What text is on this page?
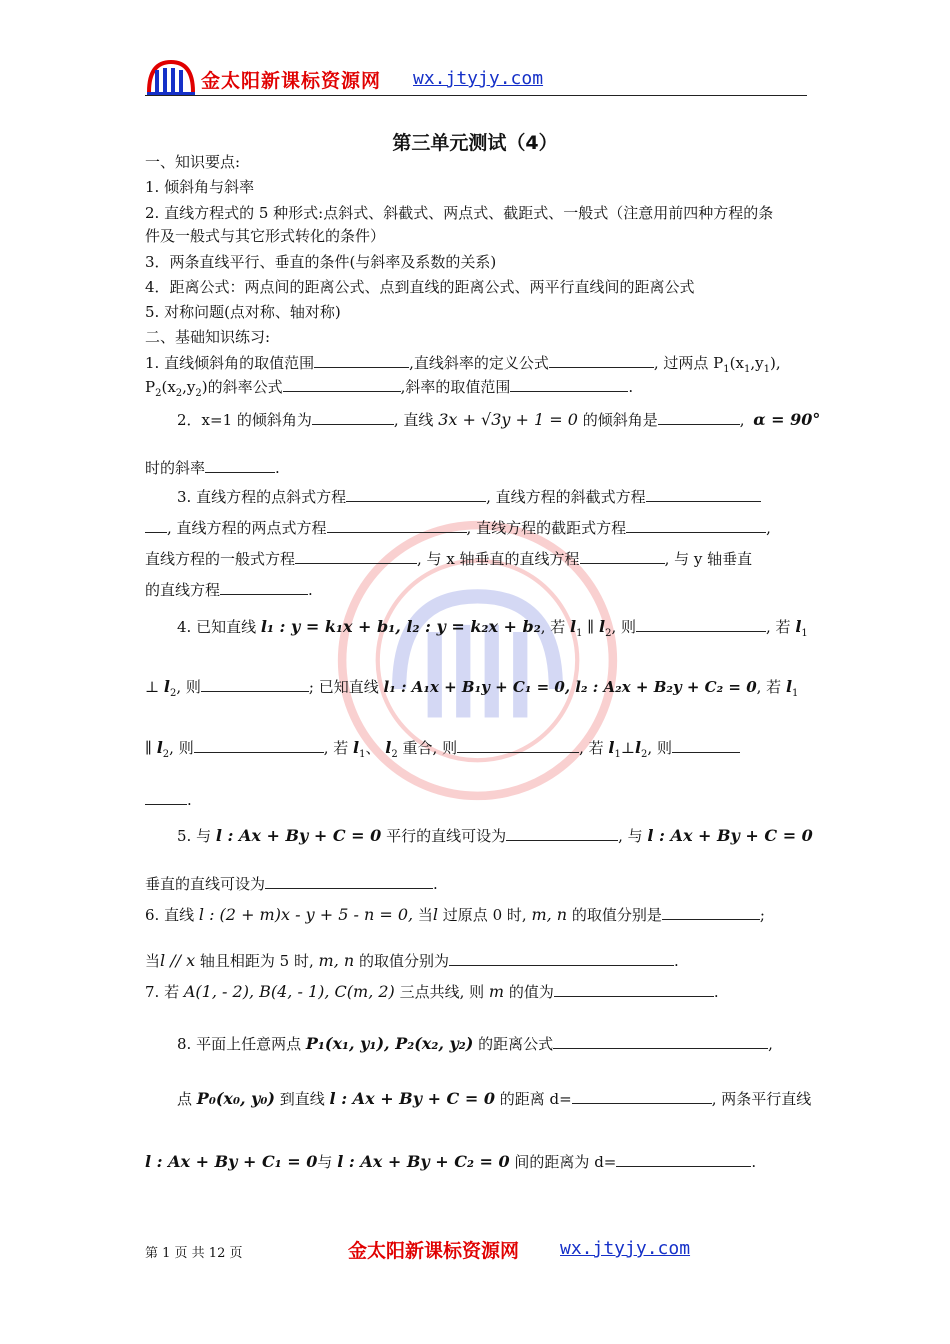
金太阳新课标资源网 wx.jtyjy.com
第三单元测试（4）
一、知识要点:
1. 倾斜角与斜率
2. 直线方程式的 5 种形式:点斜式、斜截式、两点式、截距式、一般式（注意用前四种方程的条
件及一般式与其它形式转化的条件）
3．两条直线平行、垂直的条件(与斜率及系数的关系)
4．距离公式：两点间的距离公式、点到直线的距离公式、两平行直线间的距离公式
5. 对称问题(点对称、轴对称)
二、基础知识练习:
1. 直线倾斜角的取值范围	,直线斜率的定义公式	, 过两点 $P_1(x_1,y_1)$,
$P_2(x_2,y_2)$的斜率公式	,斜率的取值范围	.
2．x=1 的倾斜角为	, 直线 3x + √3y + 1 = 0 的倾斜角是	, α = 90°
时的斜率	.
3. 直线方程的点斜式方程	, 直线方程的斜截式方程
, 直线方程的两点式方程	, 直线方程的截距式方程	,
直线方程的一般式方程	, 与 x 轴垂直的直线方程	, 与 y 轴垂直
的直线方程	.
4. 已知直线 l₁ : y = k₁x + b₁, l₂ : y = k₂x + b₂, 若 $l_1$ ∥ $l_2$, 则	, 若 $l_1$
⊥ $l_2$, 则	; 已知直线 l₁ : A₁x + B₁y + C₁ = 0, l₂ : A₂x + B₂y + C₂ = 0, 若 $l_1$
∥ $l_2$, 则	, 若 $l_1$、 $l_2$ 重合, 则	, 若 $l_1\perp l_2$, 则
.
5. 与 l : Ax + By + C = 0 平行的直线可设为	, 与 l : Ax + By + C = 0
垂直的直线可设为	.
6. 直线 l : (2 + m)x - y + 5 - n = 0, 当l 过原点 0 时, m, n 的取值分别是	;
当l // x 轴且相距为 5 时, m, n 的取值分别为	.
7. 若 A(1, - 2), B(4, - 1), C(m, 2) 三点共线, 则 m 的值为	.
8. 平面上任意两点 P₁(x₁, y₁), P₂(x₂, y₂) 的距离公式	,
点 P₀(x₀, y₀) 到直线 l : Ax + By + C = 0 的距离 d=	, 两条平行直线
l : Ax + By + C₁ = 0与 l : Ax + By + C₂ = 0 间的距离为 d=	.
第 1 页 共 12 页	金太阳新课标资源网 wx.jtyjy.com
